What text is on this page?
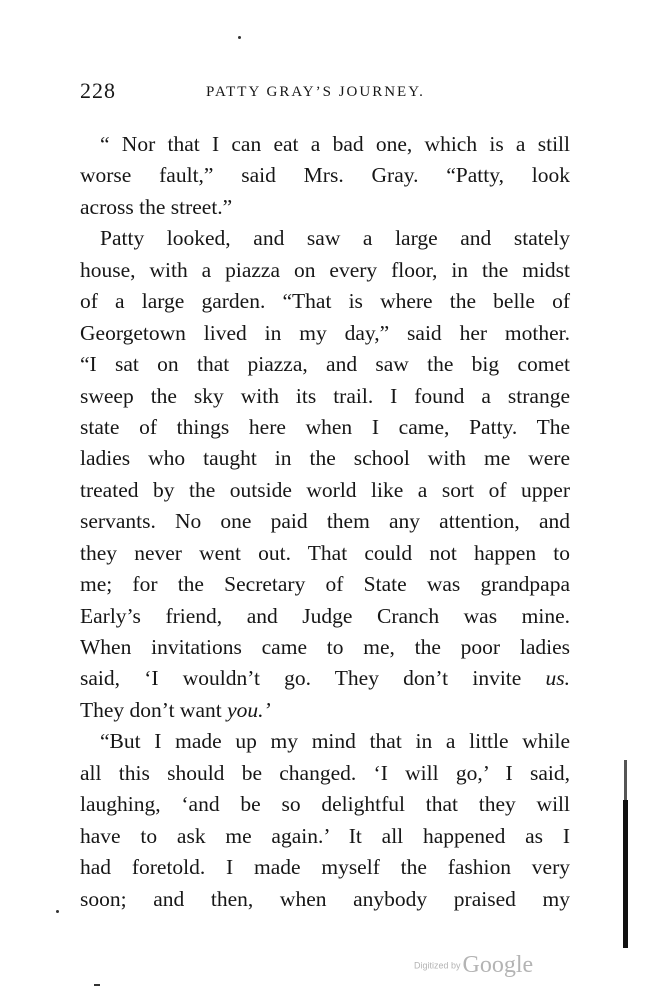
228	PATTY GRAY’S JOURNEY.
“ Nor that I can eat a bad one, which is a still
worse fault,” said Mrs. Gray. “Patty, look
across the street.”
Patty looked, and saw a large and stately
house, with a piazza on every floor, in the midst
of a large garden. “That is where the belle of
Georgetown lived in my day,” said her mother.
“I sat on that piazza, and saw the big comet
sweep the sky with its trail. I found a strange
state of things here when I came, Patty. The
ladies who taught in the school with me were
treated by the outside world like a sort of upper
servants. No one paid them any attention, and
they never went out. That could not happen to
me; for the Secretary of State was grandpapa
Early’s friend, and Judge Cranch was mine.
When invitations came to me, the poor ladies
said, ‘I wouldn’t go. They don’t invite us.
They don’t want you.’
“But I made up my mind that in a little while
all this should be changed. ‘I will go,’ I said,
laughing, ‘and be so delightful that they will
have to ask me again.’ It all happened as I
had foretold. I made myself the fashion very
soon; and then, when anybody praised my
Digitized byGoogle
